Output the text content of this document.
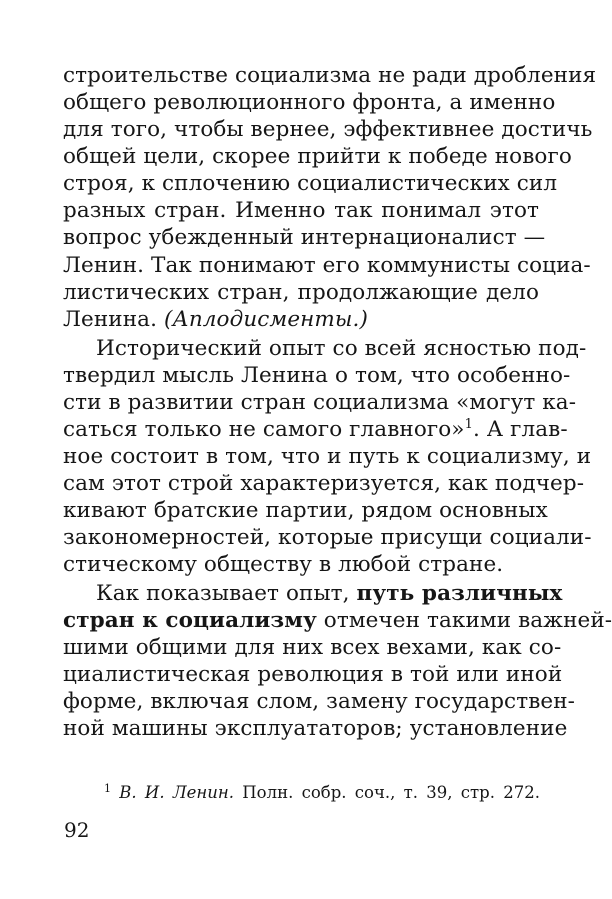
строительстве социализма не ради дробления
общего революционного фронта, а именно
для того, чтобы вернее, эффективнее достичь
общей цели, скорее прийти к победе нового
строя, к сплочению социалистических сил
разных стран. Именно так понимал этот
вопрос убежденный интернационалист —
Ленин. Так понимают его коммунисты социа-
листических стран, продолжающие дело
Ленина. (Аплодисменты.)
Исторический опыт со всей ясностью под-
твердил мысль Ленина о том, что особенно-
сти в развитии стран социализма «могут ка-
саться только не самого главного»$^1$. А глав-
ное состоит в том, что и путь к социализму, и
сам этот строй характеризуется, как подчер-
кивают братские партии, рядом основных
закономерностей, которые присущи социали-
стическому обществу в любой стране.
Как показывает опыт, путь различных
стран к социализму отмечен такими важней-
шими общими для них всех вехами, как со-
циалистическая революция в той или иной
форме, включая слом, замену государствен-
ной машины эксплуататоров; установление
$^1$ В. И. Ленин. Полн. собр. соч., т. 39, стр. 272.
92
